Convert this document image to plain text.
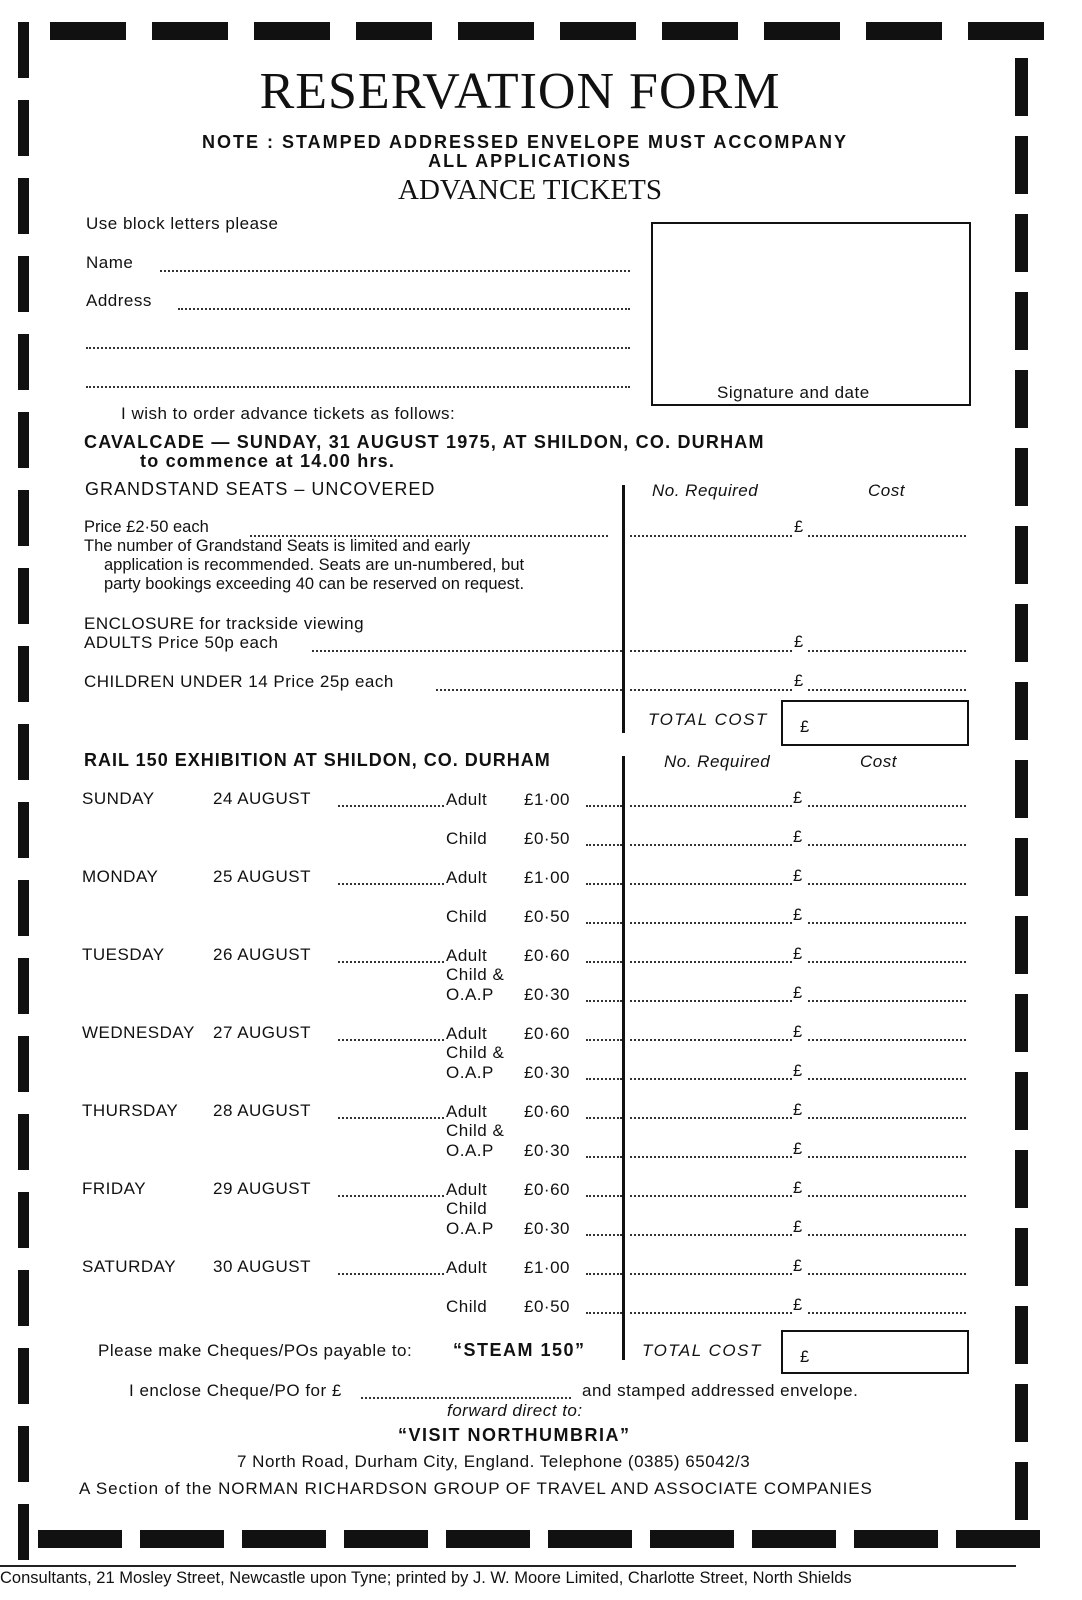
RESERVATION FORM
NOTE : STAMPED ADDRESSED ENVELOPE MUST ACCOMPANY
ALL APPLICATIONS
ADVANCE TICKETS
Use block letters please
Name
Address
Signature and date
I wish to order advance tickets as follows:
CAVALCADE — SUNDAY, 31 AUGUST 1975, AT SHILDON, CO. DURHAM
to commence at 14.00 hrs.
GRANDSTAND SEATS – UNCOVERED	No. Required	Cost
Price £2·50 each	£
The number of Grandstand Seats is limited and early
application is recommended. Seats are un-numbered, but
party bookings exceeding 40 can be reserved on request.
ENCLOSURE for trackside viewing
ADULTS Price 50p each	£
CHILDREN UNDER 14 Price 25p each	£
TOTAL COST £
RAIL 150 EXHIBITION AT SHILDON, CO. DURHAM	No. Required	Cost
SUNDAY	24 AUGUST	Adult £1·00	£
Child £0·50	£
MONDAY	25 AUGUST	Adult £1·00	£
Child £0·50	£
TUESDAY	26 AUGUST	Adult £0·60	£
Child &
O.A.P £0·30	£
WEDNESDAY 27 AUGUST	Adult £0·60	£
Child &
O.A.P £0·30	£
THURSDAY 28 AUGUST	Adult £0·60	£
Child &
O.A.P £0·30	£
FRIDAY	29 AUGUST	Adult £0·60	£
Child
O.A.P £0·30	£
SATURDAY 30 AUGUST	Adult £1·00	£
Child £0·50	£
Please make Cheques/POs payable to: “STEAM 150”	TOTAL COST £
I enclose Cheque/PO for £	and stamped addressed envelope.
forward direct to:
“VISIT NORTHUMBRIA”
7 North Road, Durham City, England. Telephone (0385) 65042/3
A Section of the NORMAN RICHARDSON GROUP OF TRAVEL AND ASSOCIATE COMPANIES
Consultants, 21 Mosley Street, Newcastle upon Tyne; printed by J. W. Moore Limited, Charlotte Street, North Shields
